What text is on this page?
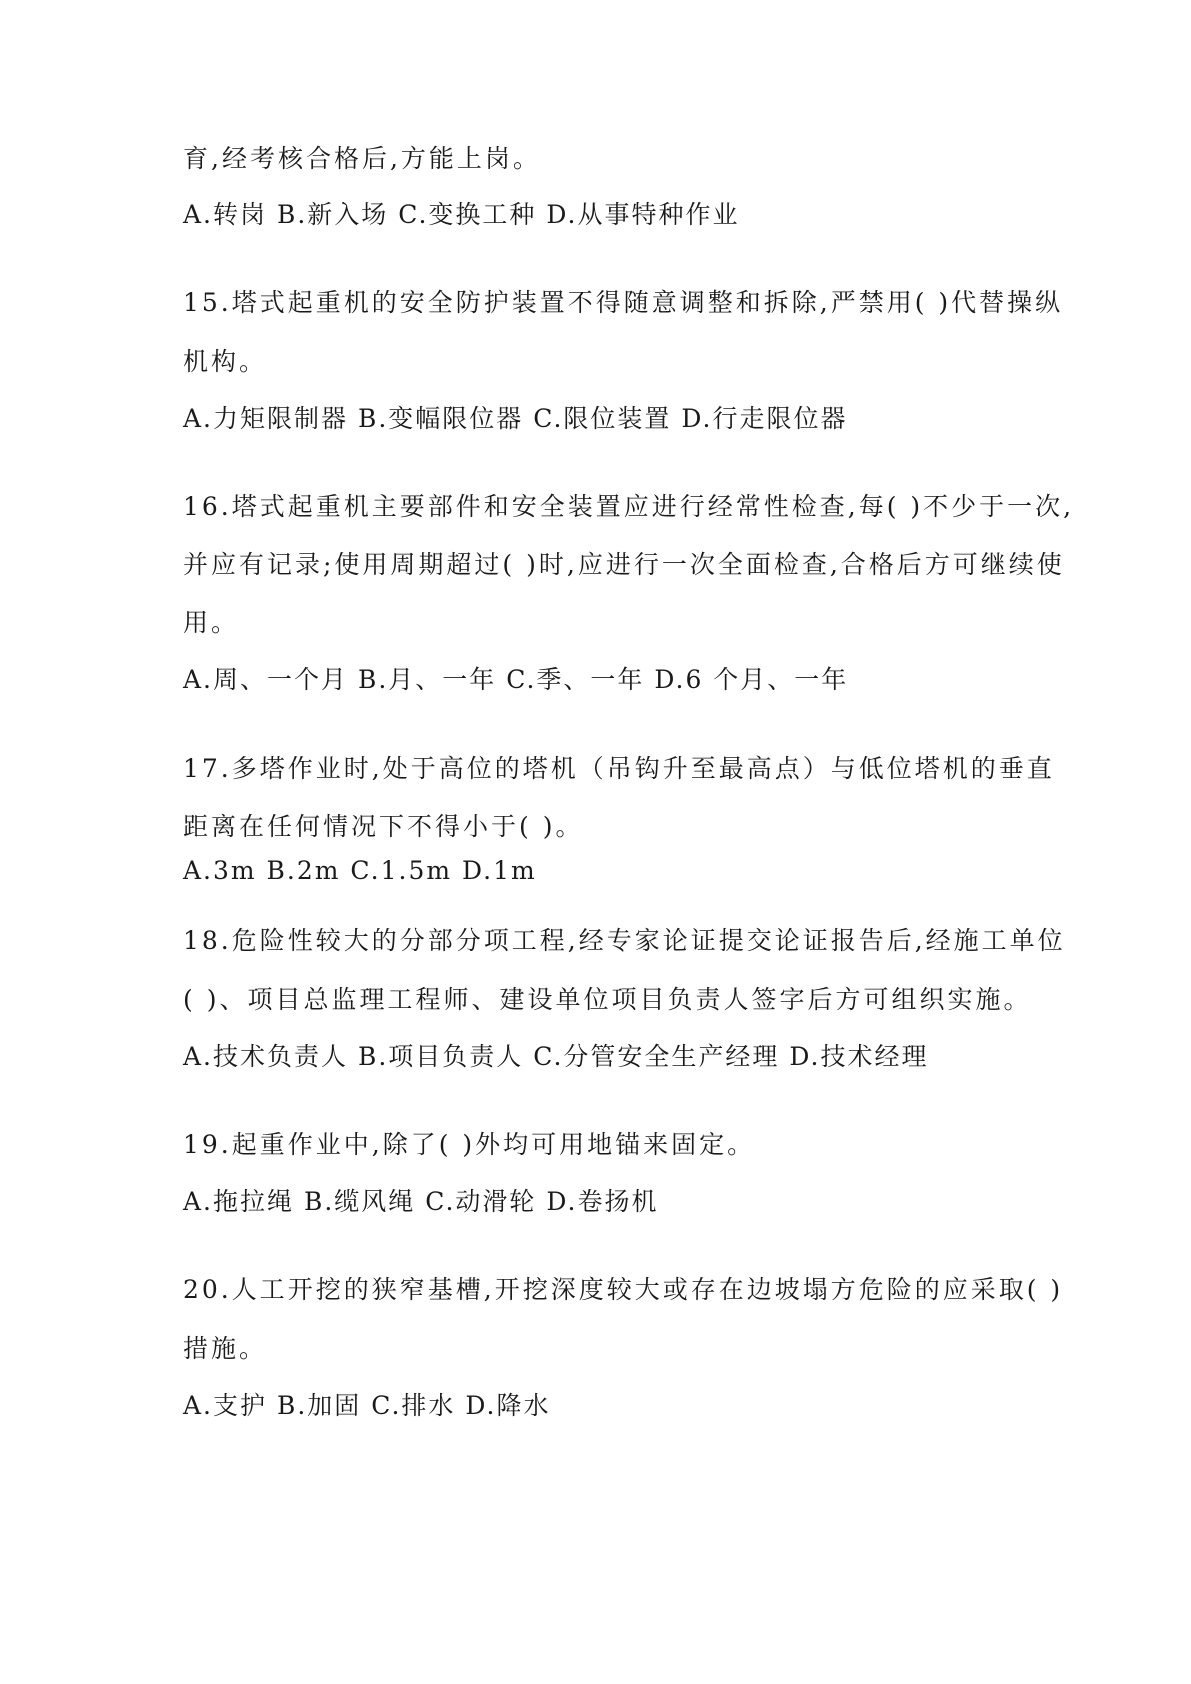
育,经考核合格后,方能上岗。

A.转岗 B.新入场 C.变换工种 D.从事特种作业

15.塔式起重机的安全防护装置不得随意调整和拆除,严禁用( )代替操纵

机构。

A.力矩限制器 B.变幅限位器 C.限位装置 D.行走限位器

16.塔式起重机主要部件和安全装置应进行经常性检查,每( )不少于一次,

并应有记录;使用周期超过( )时,应进行一次全面检查,合格后方可继续使

用。

A.周、一个月 B.月、一年 C.季、一年 D.6 个月、一年

17.多塔作业时,处于高位的塔机（吊钩升至最高点）与低位塔机的垂直

距离在任何情况下不得小于( )。

A.3m B.2m C.1.5m D.1m

18.危险性较大的分部分项工程,经专家论证提交论证报告后,经施工单位

( )、项目总监理工程师、建设单位项目负责人签字后方可组织实施。

A.技术负责人 B.项目负责人 C.分管安全生产经理 D.技术经理

19.起重作业中,除了( )外均可用地锚来固定。

A.拖拉绳 B.缆风绳 C.动滑轮 D.卷扬机

20.人工开挖的狭窄基槽,开挖深度较大或存在边坡塌方危险的应采取( )

措施。

A.支护 B.加固 C.排水 D.降水
